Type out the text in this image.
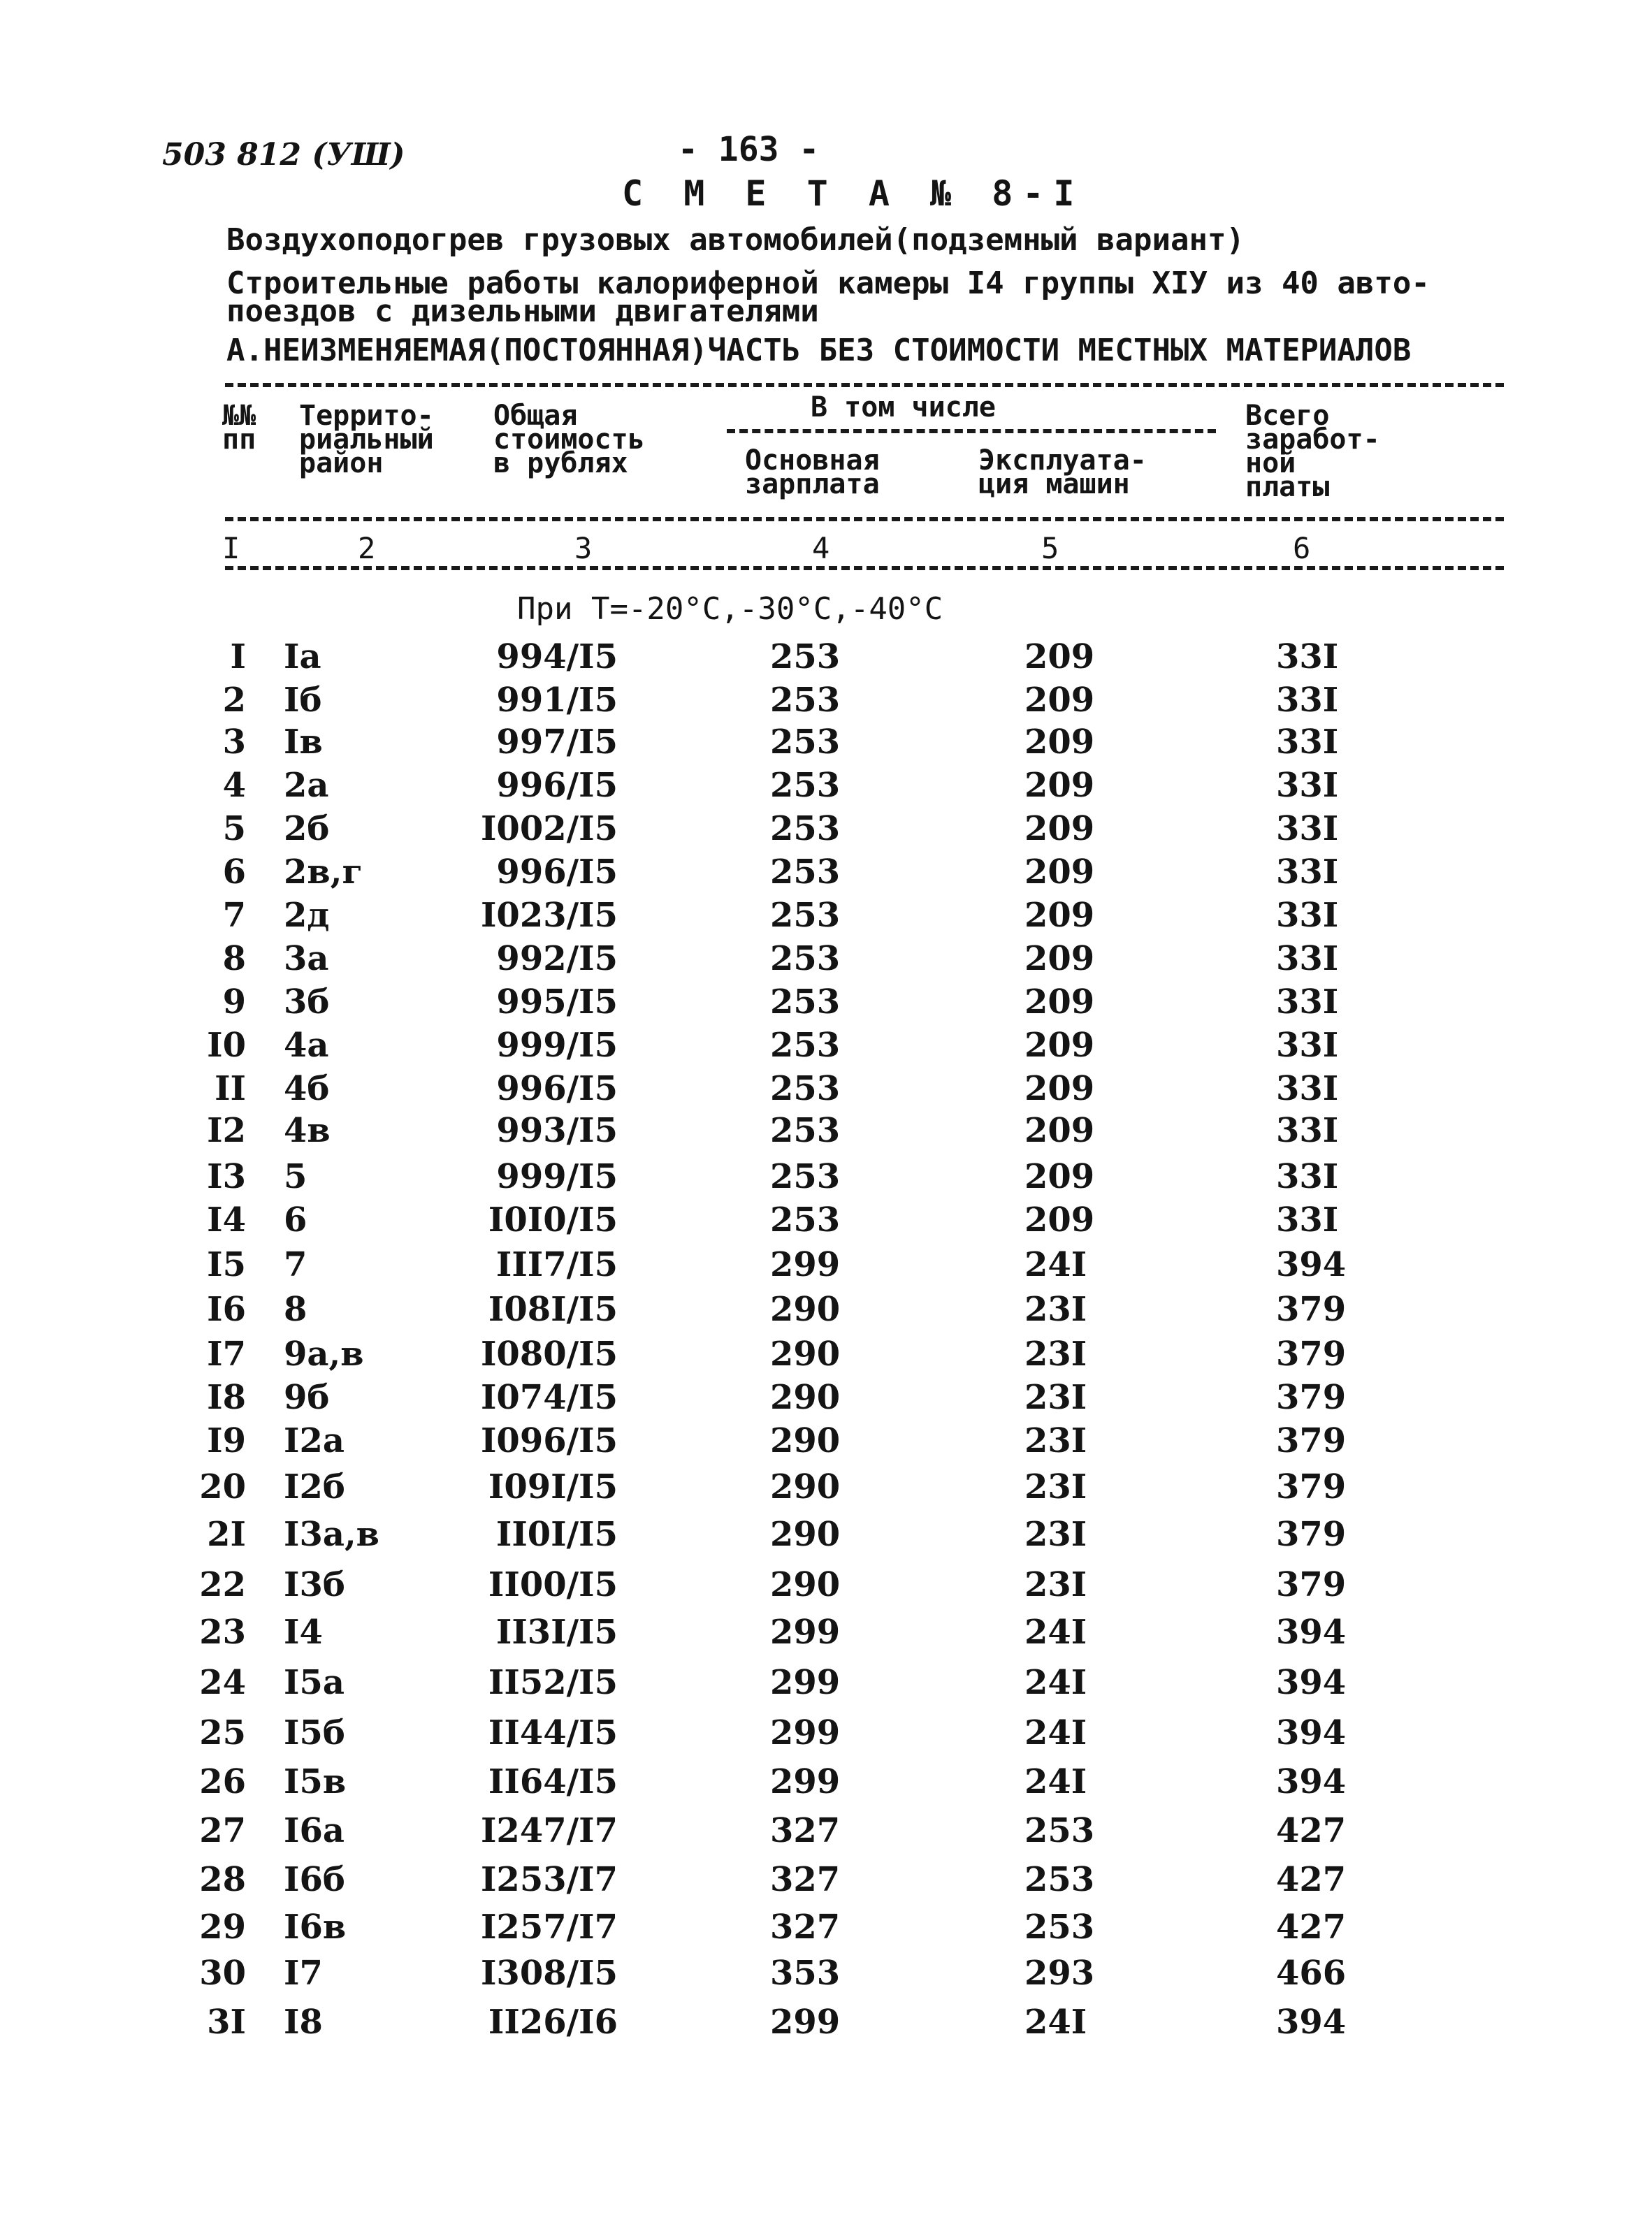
503 812 (УШ)	- 163 -
С М Е Т А № 8-I
Воздухоподогрев грузовых автомобилей(подземный вариант)
Строительные работы калориферной камеры I4 группы XIУ из 40 авто-
поездов с дизельными двигателями
А.НЕИЗМЕНЯЕМАЯ(ПОСТОЯННАЯ)ЧАСТЬ БЕЗ СТОИМОСТИ МЕСТНЫХ МАТЕРИАЛОВ
№№
пп
Террито-
риальный
район
Общая
стоимость
в рублях
В том числе
Основная
зарплата
Эксплуата-
ция машин
Всего
заработ-
ной
платы
I	2	3	4	5	6
При Т=-20°С,-30°С,-40°С
I Iа	994/I5	253	209	33I
2 Iб	991/I5	253	209	33I
3 Iв	997/I5	253	209	33I
4 2а	996/I5	253	209	33I
5 2б	I002/I5	253	209	33I
6 2в,г	996/I5	253	209	33I
7 2д	I023/I5	253	209	33I
8 3а	992/I5	253	209	33I
9 3б	995/I5	253	209	33I
I0 4а	999/I5	253	209	33I
II 4б	996/I5	253	209	33I
I2 4в	993/I5	253	209	33I
I3 5	999/I5	253	209	33I
I4 6	I0I0/I5	253	209	33I
I5 7	III7/I5	299	24I	394
I6 8	I08I/I5	290	23I	379
I7 9а,в	I080/I5	290	23I	379
I8 9б	I074/I5	290	23I	379
I9 I2а	I096/I5	290	23I	379
20 I2б	I09I/I5	290	23I	379
2I I3а,в	II0I/I5	290	23I	379
22 I3б	II00/I5	290	23I	379
23 I4	II3I/I5	299	24I	394
24 I5а	II52/I5	299	24I	394
25 I5б	II44/I5	299	24I	394
26 I5в	II64/I5	299	24I	394
27 I6а	I247/I7	327	253	427
28 I6б	I253/I7	327	253	427
29 I6в	I257/I7	327	253	427
30 I7	I308/I5	353	293	466
3I I8	II26/I6	299	24I	394
